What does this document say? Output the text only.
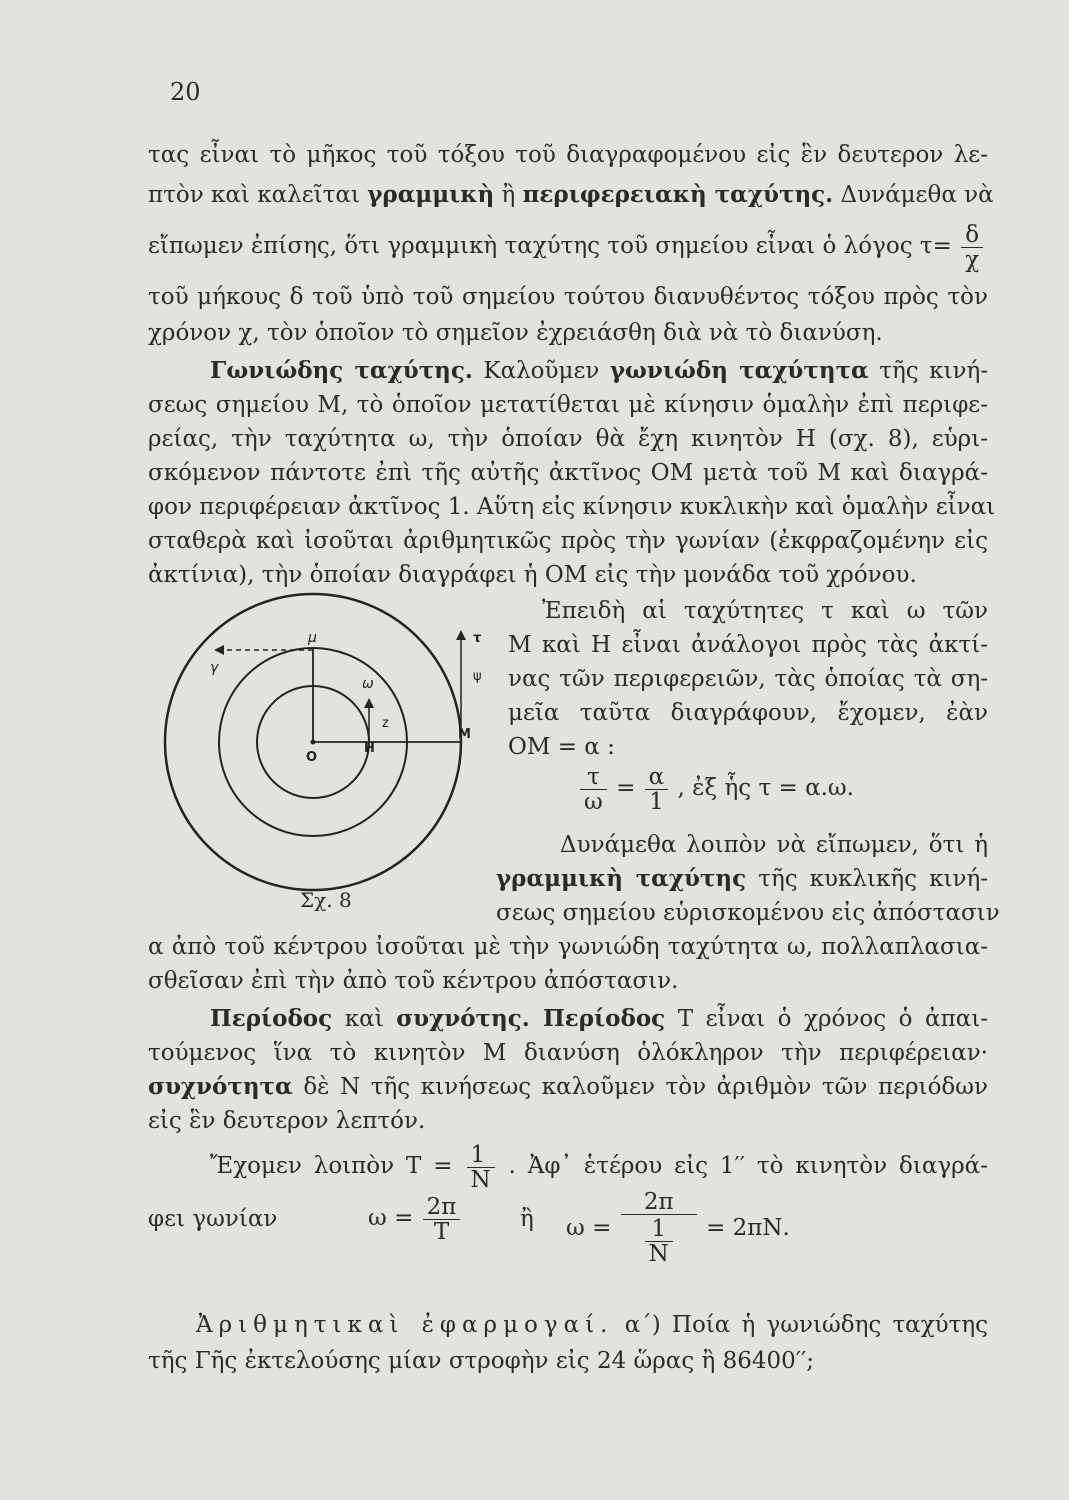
20
τας εἶναι τὸ μῆκος τοῦ τόξου τοῦ διαγραφομένου εἰς ἓν δευτερον λε-
πτὸν καὶ καλεῖται γραμμικὴ ἢ περιφερειακὴ ταχύτης. Δυνάμεθα νὰ
εἴπωμεν ἐπίσης, ὅτι γραμμικὴ ταχύτης τοῦ σημείου εἶναι ὁ λόγος $\tau= \frac{\delta}{\chi}$
τοῦ μήκους δ τοῦ ὑπὸ τοῦ σημείου τούτου διανυθέντος τόξου πρὸς τὸν
χρόνον χ, τὸν ὁποῖον τὸ σημεῖον ἐχρειάσθη διὰ νὰ τὸ διανύση.
Γωνιώδης ταχύτης. Καλοῦμεν γωνιώδη ταχύτητα τῆς κινή-
σεως σημείου Μ, τὸ ὁποῖον μετατίθεται μὲ κίνησιν ὁμαλὴν ἐπὶ περιφε-
ρείας, τὴν ταχύτητα ω, τὴν ὁποίαν θὰ ἔχη κινητὸν Η (σχ. 8), εὑρι-
σκόμενον πάντοτε ἐπὶ τῆς αὐτῆς ἀκτῖνος ΟΜ μετὰ τοῦ Μ καὶ διαγρά-
φον περιφέρειαν ἀκτῖνος 1. Αὕτη εἰς κίνησιν κυκλικὴν καὶ ὁμαλὴν εἶναι
σταθερὰ καὶ ἰσοῦται ἀριθμητικῶς πρὸς τὴν γωνίαν (ἐκφραζομένην εἰς
ἀκτίνια), τὴν ὁποίαν διαγράφει ἡ ΟΜ εἰς τὴν μονάδα τοῦ χρόνου.
O
H
M
μ
γ
ω
z
τ
ψ
Σχ. 8
Ἐπειδὴ αἱ ταχύτητες τ καὶ ω τῶν
Μ καὶ Η εἶναι ἀνάλογοι πρὸς τὰς ἀκτί-
νας τῶν περιφερειῶν, τὰς ὁποίας τὰ ση-
μεῖα ταῦτα διαγράφουν, ἔχομεν, ἐὰν
ΟΜ = α :
$\frac{\tau}{\omega} = \frac{\alpha}{1}$ , ἐξ ἧς τ = α.ω.
Δυνάμεθα λοιπὸν νὰ εἴπωμεν, ὅτι ἡ
γραμμικὴ ταχύτης τῆς κυκλικῆς κινή-
σεως σημείου εὑρισκομένου εἰς ἀπόστασιν
α ἀπὸ τοῦ κέντρου ἰσοῦται μὲ τὴν γωνιώδη ταχύτητα ω, πολλαπλασια-
σθεῖσαν ἐπὶ τὴν ἀπὸ τοῦ κέντρου ἀπόστασιν.
Περίοδος καὶ συχνότης. Περίοδος Τ εἶναι ὁ χρόνος ὁ ἀπαι-
τούμενος ἵνα τὸ κινητὸν Μ διανύση ὁλόκληρον τὴν περιφέρειαν·
συχνότητα δὲ Ν τῆς κινήσεως καλοῦμεν τὸν ἀριθμὸν τῶν περιόδων
εἰς ἓν δευτερον λεπτόν.
Ἔχομεν λοιπὸν $T = \frac{1}{N}$ . Ἀφ᾽ ἑτέρου εἰς 1′′ τὸ κινητὸν διαγρά-
φει γωνίαν	$\omega = \frac{2\pi}{T}$	ἢ $\omega = \frac{2\pi}{\frac{1}{N}} = 2\pi N$.
Ἀριθμητικαὶ ἐφαρμογαί. α΄) Ποία ἡ γωνιώδης ταχύτης
τῆς Γῆς ἐκτελούσης μίαν στροφὴν εἰς 24 ὥρας ἢ 86400′′;
